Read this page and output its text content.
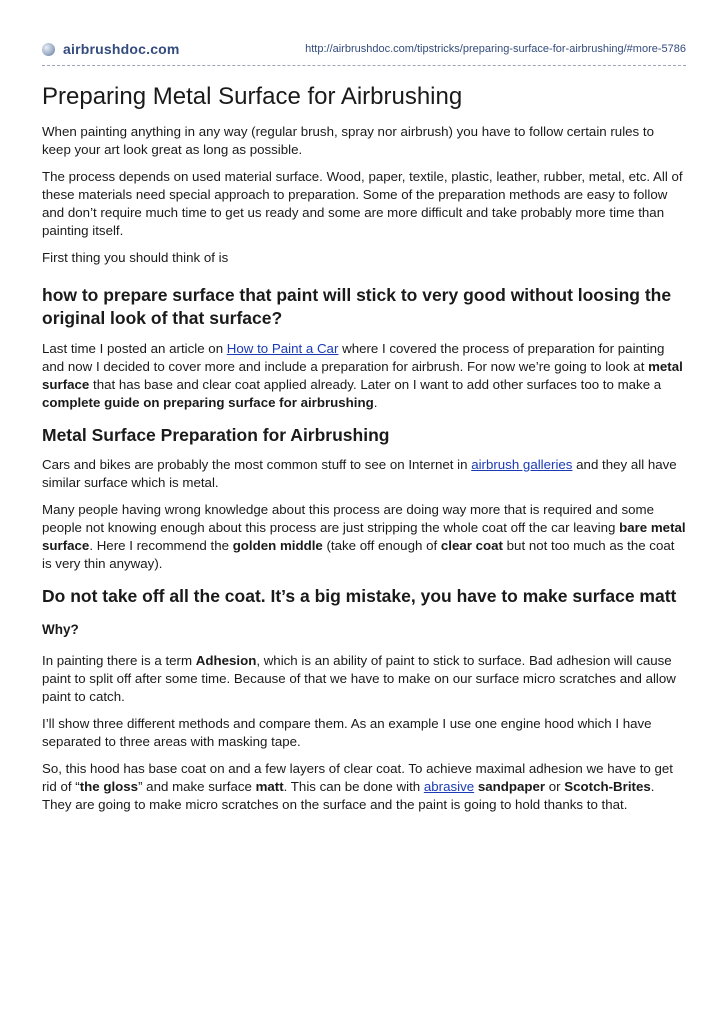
airbrushdoc.com	http://airbrushdoc.com/tipstricks/preparing-surface-for-airbrushing/#more-5786
Preparing Metal Surface for Airbrushing

When painting anything in any way (regular brush, spray nor airbrush) you have to follow certain rules to keep your art look great as long as possible.

The process depends on used material surface. Wood, paper, textile, plastic, leather, rubber, metal, etc. All of these materials need special approach to preparation. Some of the preparation methods are easy to follow and don’t require much time to get us ready and some are more difficult and take probably more time than painting itself.

First thing you should think of is

how to prepare surface that paint will stick to very good without loosing the original look of that surface?

Last time I posted an article on How to Paint a Car where I covered the process of preparation for painting and now I decided to cover more and include a preparation for airbrush. For now we’re going to look at metal surface that has base and clear coat applied already. Later on I want to add other surfaces too to make a complete guide on preparing surface for airbrushing.

Metal Surface Preparation for Airbrushing

Cars and bikes are probably the most common stuff to see on Internet in airbrush galleries and they all have similar surface which is metal.

Many people having wrong knowledge about this process are doing way more that is required and some people not knowing enough about this process are just stripping the whole coat off the car leaving bare metal surface. Here I recommend the golden middle (take off enough of clear coat but not too much as the coat is very thin anyway).

Do not take off all the coat. It’s a big mistake, you have to make surface matt
Why?

In painting there is a term Adhesion, which is an ability of paint to stick to surface. Bad adhesion will cause paint to split off after some time. Because of that we have to make on our surface micro scratches and allow paint to catch.

I’ll show three different methods and compare them. As an example I use one engine hood which I have separated to three areas with masking tape.

So, this hood has base coat on and a few layers of clear coat. To achieve maximal adhesion we have to get rid of “the gloss” and make surface matt. This can be done with abrasive sandpaper or Scotch-Brites. They are going to make micro scratches on the surface and the paint is going to hold thanks to that.
